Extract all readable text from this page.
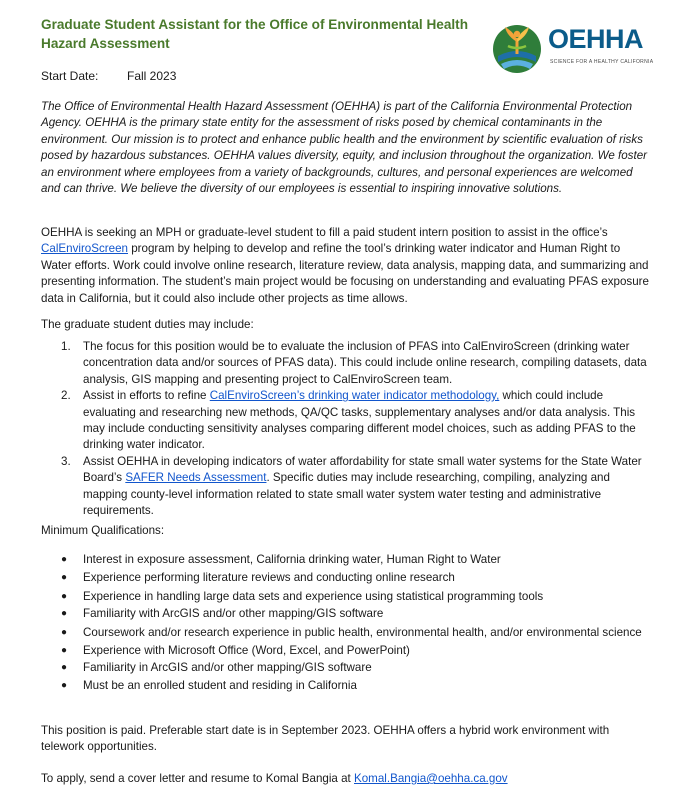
Graduate Student Assistant for the Office of Environmental Health Hazard Assessment	OEHHA
SCIENCE FOR A HEALTHY CALIFORNIA
Start Date: Fall 2023

The Office of Environmental Health Hazard Assessment (OEHHA) is part of the California Environmental Protection Agency. OEHHA is the primary state entity for the assessment of risks posed by chemical contaminants in the environment. Our mission is to protect and enhance public health and the environment by scientific evaluation of risks posed by hazardous substances. OEHHA values diversity, equity, and inclusion throughout the organization. We foster an environment where employees from a variety of backgrounds, cultures, and personal experiences are welcomed and can thrive. We believe the diversity of our employees is essential to inspiring innovative solutions.

OEHHA is seeking an MPH or graduate-level student to fill a paid student intern position to assist in the office’s CalEnviroScreen program by helping to develop and refine the tool’s drinking water indicator and Human Right to Water efforts. Work could involve online research, literature review, data analysis, mapping data, and summarizing and presenting information. The student’s main project would be focusing on understanding and evaluating PFAS exposure data in California, but it could also include other projects as time allows.

The graduate student duties may include:

1. The focus for this position would be to evaluate the inclusion of PFAS into CalEnviroScreen (drinking water concentration data and/or sources of PFAS data). This could include online research, compiling datasets, data analysis, GIS mapping and presenting project to CalEnviroScreen team.
2. Assist in efforts to refine CalEnviroScreen’s drinking water indicator methodology, which could include evaluating and researching new methods, QA/QC tasks, supplementary analyses and/or data analysis. This may include conducting sensitivity analyses comparing different model choices, such as adding PFAS to the drinking water indicator.
3. Assist OEHHA in developing indicators of water affordability for state small water systems for the State Water Board’s SAFER Needs Assessment. Specific duties may include researching, compiling, analyzing and mapping county-level information related to state small water system water testing and administrative requirements.

Minimum Qualifications:

● Interest in exposure assessment, California drinking water, Human Right to Water
● Experience performing literature reviews and conducting online research
● Experience in handling large data sets and experience using statistical programming tools
● Familiarity with ArcGIS and/or other mapping/GIS software
● Coursework and/or research experience in public health, environmental health, and/or environmental science
● Experience with Microsoft Office (Word, Excel, and PowerPoint)
● Familiarity in ArcGIS and/or other mapping/GIS software
● Must be an enrolled student and residing in California

This position is paid. Preferable start date is in September 2023. OEHHA offers a hybrid work environment with telework opportunities.

To apply, send a cover letter and resume to Komal Bangia at Komal.Bangia@oehha.ca.gov
